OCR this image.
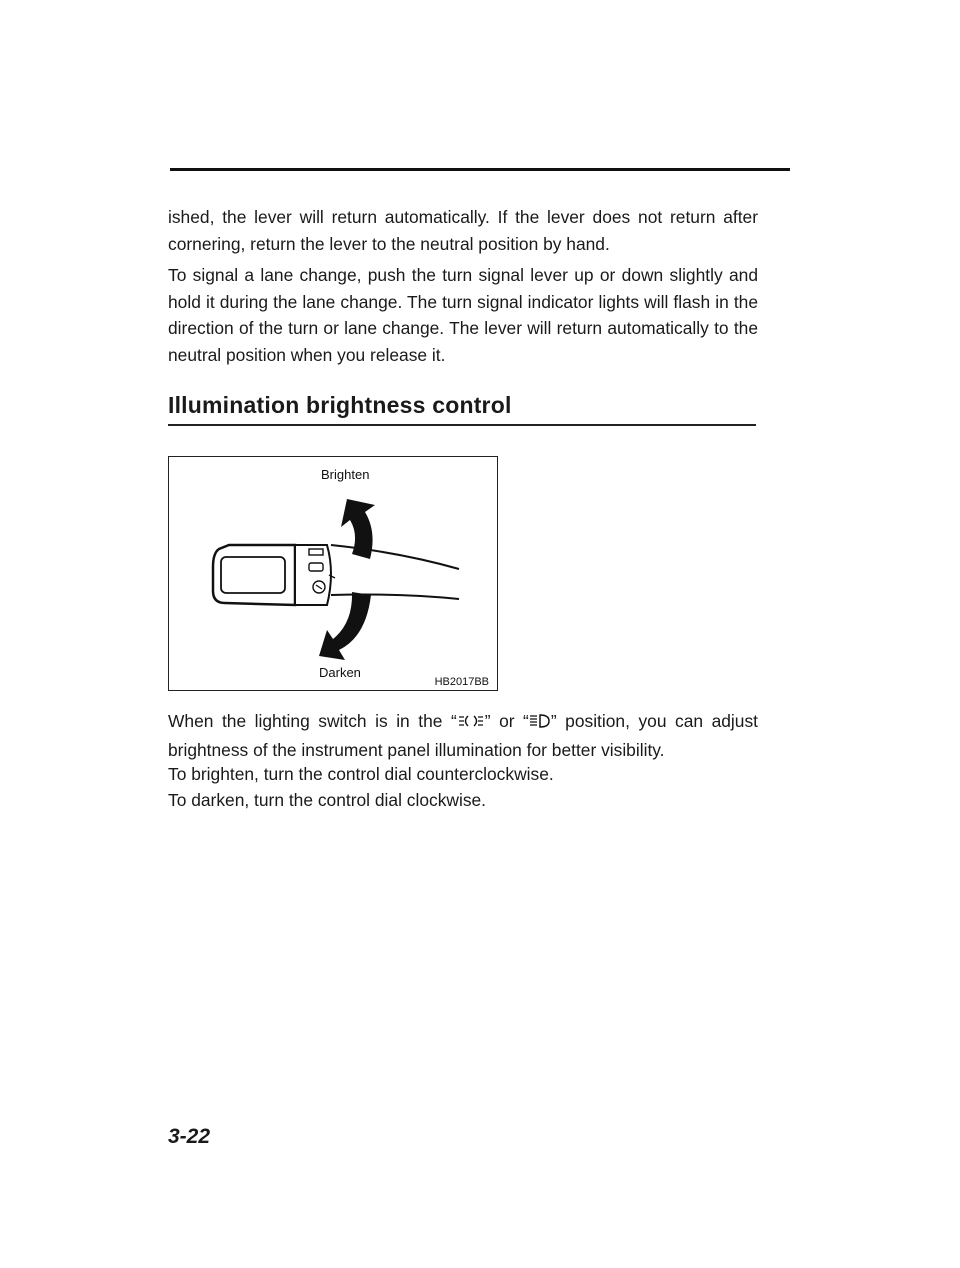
ished, the lever will return automatically. If the lever does not return after cornering, return the lever to the neutral position by hand.

To signal a lane change, push the turn signal lever up or down slightly and hold it during the lane change. The turn signal indicator lights will flash in the direction of the turn or lane change. The lever will return automatically to the neutral position when you release it.

Illumination brightness control
Brighten
Darken
HB2017BB

When the lighting switch is in the “ ” or “ ” position, you can adjust brightness of the instrument panel illumination for better visibility.

To brighten, turn the control dial counterclockwise.

To darken, turn the control dial clockwise.

3-22
